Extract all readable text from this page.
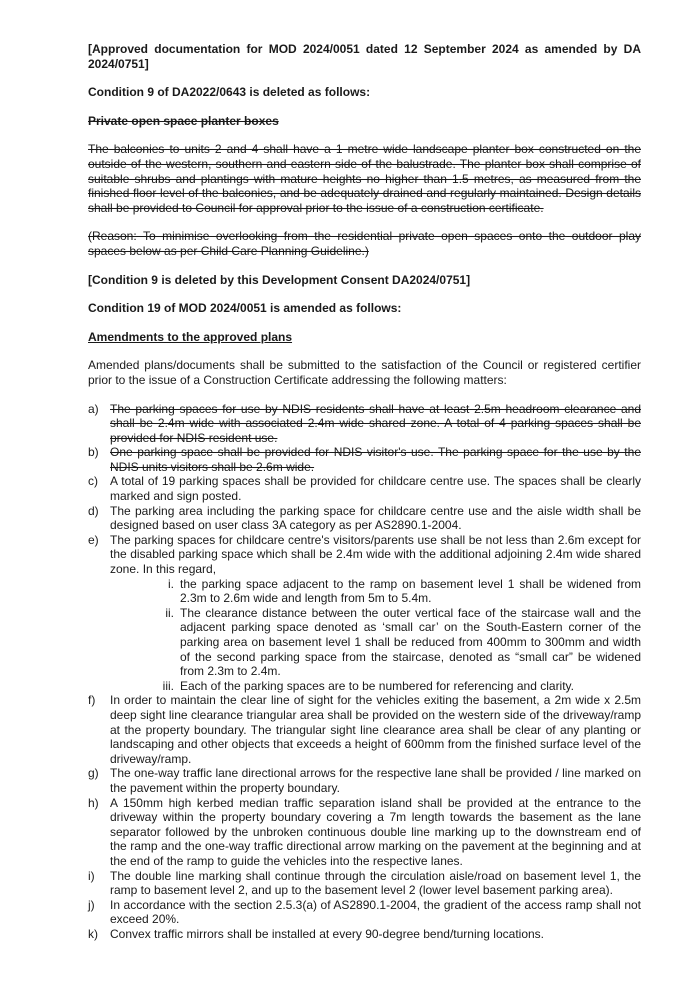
[Approved documentation for MOD 2024/0051 dated 12 September 2024 as amended by DA 2024/0751]

Condition 9 of DA2022/0643 is deleted as follows:

Private open space planter boxes

The balconies to units 2 and 4 shall have a 1 metre wide landscape planter box constructed on the outside of the western, southern and eastern side of the balustrade. The planter box shall comprise of suitable shrubs and plantings with mature heights no higher than 1.5 metres, as measured from the finished floor level of the balconies, and be adequately drained and regularly maintained. Design details shall be provided to Council for approval prior to the issue of a construction certificate.

(Reason: To minimise overlooking from the residential private open spaces onto the outdoor play spaces below as per Child Care Planning Guideline.)

[Condition 9 is deleted by this Development Consent DA2024/0751]

Condition 19 of MOD 2024/0051 is amended as follows:

Amendments to the approved plans

Amended plans/documents shall be submitted to the satisfaction of the Council or registered certifier prior to the issue of a Construction Certificate addressing the following matters:

a) The parking spaces for use by NDIS residents shall have at least 2.5m headroom clearance and shall be 2.4m wide with associated 2.4m wide shared zone. A total of 4 parking spaces shall be provided for NDIS resident use.
b) One parking space shall be provided for NDIS visitor's use. The parking space for the use by the NDIS units visitors shall be 2.6m wide.
c) A total of 19 parking spaces shall be provided for childcare centre use. The spaces shall be clearly marked and sign posted.
d) The parking area including the parking space for childcare centre use and the aisle width shall be designed based on user class 3A category as per AS2890.1-2004.
e) The parking spaces for childcare centre's visitors/parents use shall be not less than 2.6m except for the disabled parking space which shall be 2.4m wide with the additional adjoining 2.4m wide shared zone. In this regard,
i. the parking space adjacent to the ramp on basement level 1 shall be widened from 2.3m to 2.6m wide and length from 5m to 5.4m.
ii. The clearance distance between the outer vertical face of the staircase wall and the adjacent parking space denoted as ‘small car’ on the South-Eastern corner of the parking area on basement level 1 shall be reduced from 400mm to 300mm and width of the second parking space from the staircase, denoted as “small car” be widened from 2.3m to 2.4m.
iii. Each of the parking spaces are to be numbered for referencing and clarity.
f) In order to maintain the clear line of sight for the vehicles exiting the basement, a 2m wide x 2.5m deep sight line clearance triangular area shall be provided on the western side of the driveway/ramp at the property boundary. The triangular sight line clearance area shall be clear of any planting or landscaping and other objects that exceeds a height of 600mm from the finished surface level of the driveway/ramp.
g) The one-way traffic lane directional arrows for the respective lane shall be provided / line marked on the pavement within the property boundary.
h) A 150mm high kerbed median traffic separation island shall be provided at the entrance to the driveway within the property boundary covering a 7m length towards the basement as the lane separator followed by the unbroken continuous double line marking up to the downstream end of the ramp and the one-way traffic directional arrow marking on the pavement at the beginning and at the end of the ramp to guide the vehicles into the respective lanes.
i) The double line marking shall continue through the circulation aisle/road on basement level 1, the ramp to basement level 2, and up to the basement level 2 (lower level basement parking area).
j) In accordance with the section 2.5.3(a) of AS2890.1-2004, the gradient of the access ramp shall not exceed 20%.
k) Convex traffic mirrors shall be installed at every 90-degree bend/turning locations.
